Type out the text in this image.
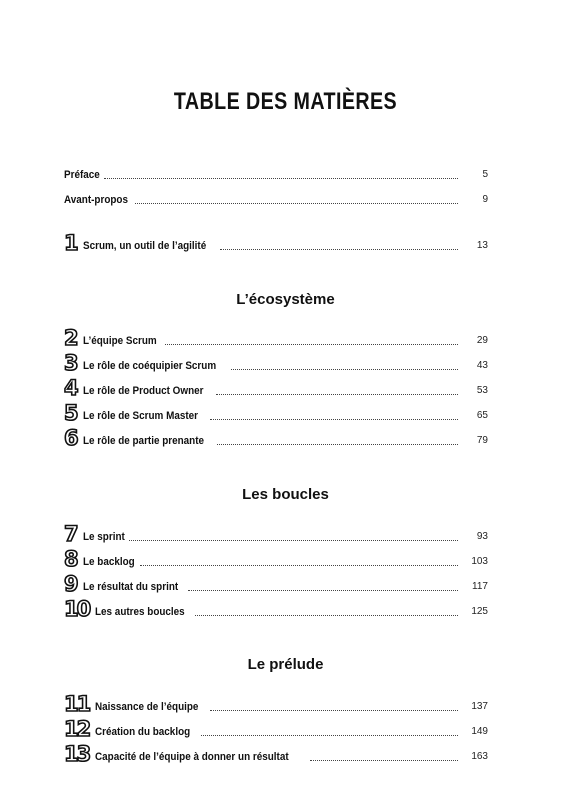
TABLE DES MATIÈRES
Préface	5
Avant-propos	9
1 Scrum, un outil de l’agilité	13
L’écosystème
2 L’équipe Scrum	29
3 Le rôle de coéquipier Scrum	43
4 Le rôle de Product Owner	53
5 Le rôle de Scrum Master	65
6 Le rôle de partie prenante	79
Les boucles
7 Le sprint	93
8 Le backlog	103
9 Le résultat du sprint	117
10 Les autres boucles	125
Le prélude
11 Naissance de l’équipe	137
12 Création du backlog	149
13 Capacité de l’équipe à donner un résultat	163
